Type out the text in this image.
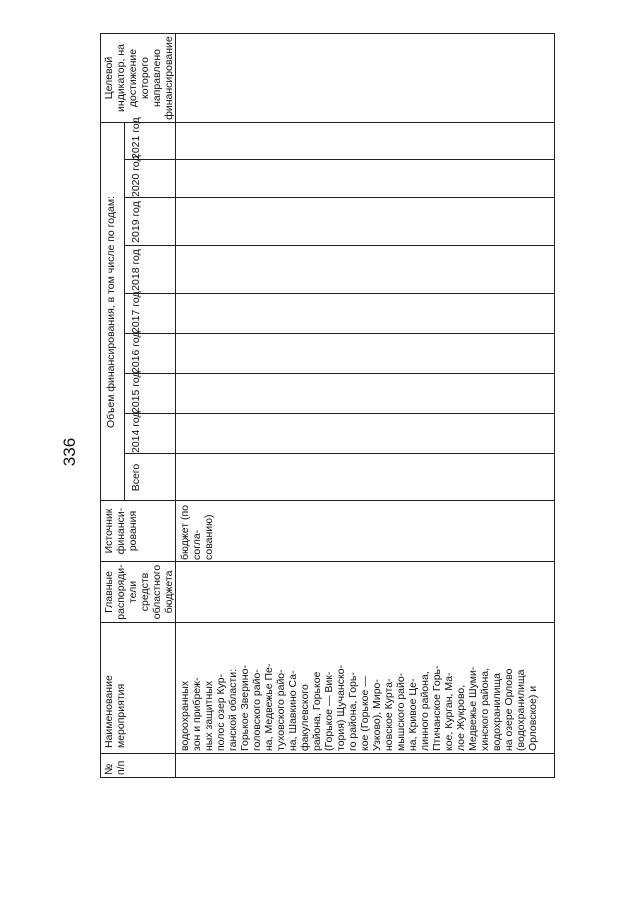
336
№ п/п
Наименование мероприятия
Главные распоряди-тели средств областного бюджета
Источник финанси-рования
Объем финансирования, в том числе по годам:
Всего
2014 год
2015 год
2016 год
2017 год
2018 год
2019 год
2020 год
2021 год
Целевой индикатор, на достижение которого направлено финансирование
водоохранных зон и прибреж- ных защитных полос озер Кур- ганской области: Горькое Зверино- головского райо- на, Медвежье Пе- туховского райо- на, Шавкино Са- факулевского района, Горькое (Горькое — Вик- тория) Щучанско- го района, Горь- кое (Горькое — Узково), Миро- новское Курта- мышского райо- на, Кривое Це- линного района, Птичанское Горь- кое, Курган, Ма- лое Жукрово, Медвежье Шуми- хинского района, водохранилища на озере Орлово (водохранилища Орловское) и
бюджет (по согла-сованию)
